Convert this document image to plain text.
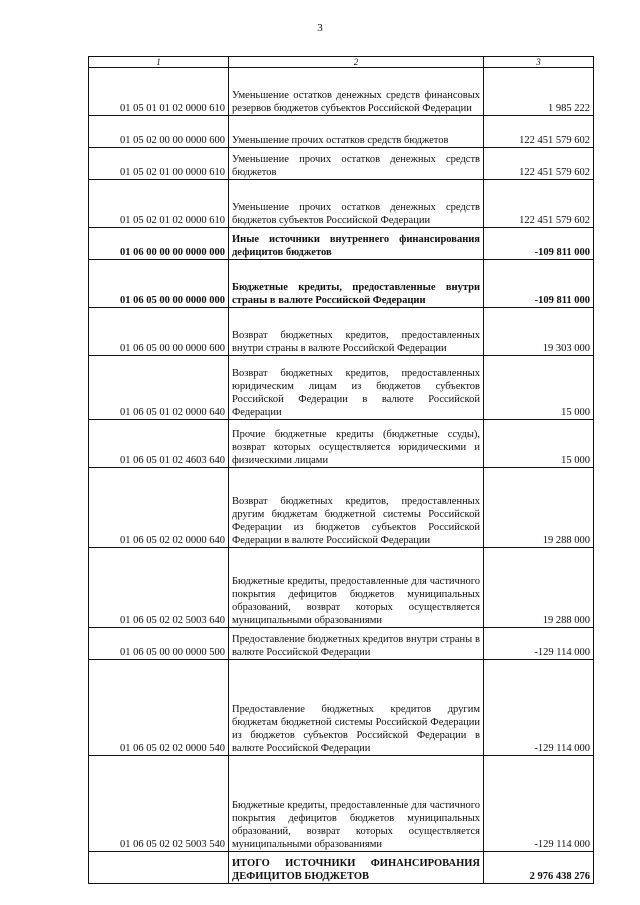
3
1	2	3
01 05 01 01 02 0000 610	Уменьшение остатков денежных средств финансовых резервов бюджетов субъектов Российской Федерации	1 985 222
01 05 02 00 00 0000 600	Уменьшение прочих остатков средств бюджетов	122 451 579 602
01 05 02 01 00 0000 610	Уменьшение прочих остатков денежных средств бюджетов	122 451 579 602
01 05 02 01 02 0000 610	Уменьшение прочих остатков денежных средств бюджетов субъектов Российской Федерации	122 451 579 602
01 06 00 00 00 0000 000	Иные источники внутреннего финансирования дефицитов бюджетов	-109 811 000
01 06 05 00 00 0000 000	Бюджетные кредиты, предоставленные внутри страны в валюте Российской Федерации	-109 811 000
01 06 05 00 00 0000 600	Возврат бюджетных кредитов, предоставленных внутри страны в валюте Российской Федерации	19 303 000
01 06 05 01 02 0000 640	Возврат бюджетных кредитов, предоставленных юридическим лицам из бюджетов субъектов Российской Федерации в валюте Российской Федерации	15 000
01 06 05 01 02 4603 640	Прочие бюджетные кредиты (бюджетные ссуды), возврат которых осуществляется юридическими и физическими лицами	15 000
01 06 05 02 02 0000 640	Возврат бюджетных кредитов, предоставленных другим бюджетам бюджетной системы Российской Федерации из бюджетов субъектов Российской Федерации в валюте Российской Федерации	19 288 000
01 06 05 02 02 5003 640	Бюджетные кредиты, предоставленные для частичного покрытия дефицитов бюджетов муниципальных образований, возврат которых осуществляется муниципальными образованиями	19 288 000
01 06 05 00 00 0000 500	Предоставление бюджетных кредитов внутри страны в валюте Российской Федерации	-129 114 000
01 06 05 02 02 0000 540	Предоставление бюджетных кредитов другим бюджетам бюджетной системы Российской Федерации из бюджетов субъектов Российской Федерации в валюте Российской Федерации	-129 114 000
01 06 05 02 02 5003 540	Бюджетные кредиты, предоставленные для частичного покрытия дефицитов бюджетов муниципальных образований, возврат которых осуществляется муниципальными образованиями	-129 114 000
	ИТОГО ИСТОЧНИКИ ФИНАНСИРОВАНИЯ ДЕФИЦИТОВ БЮДЖЕТОВ	2 976 438 276
